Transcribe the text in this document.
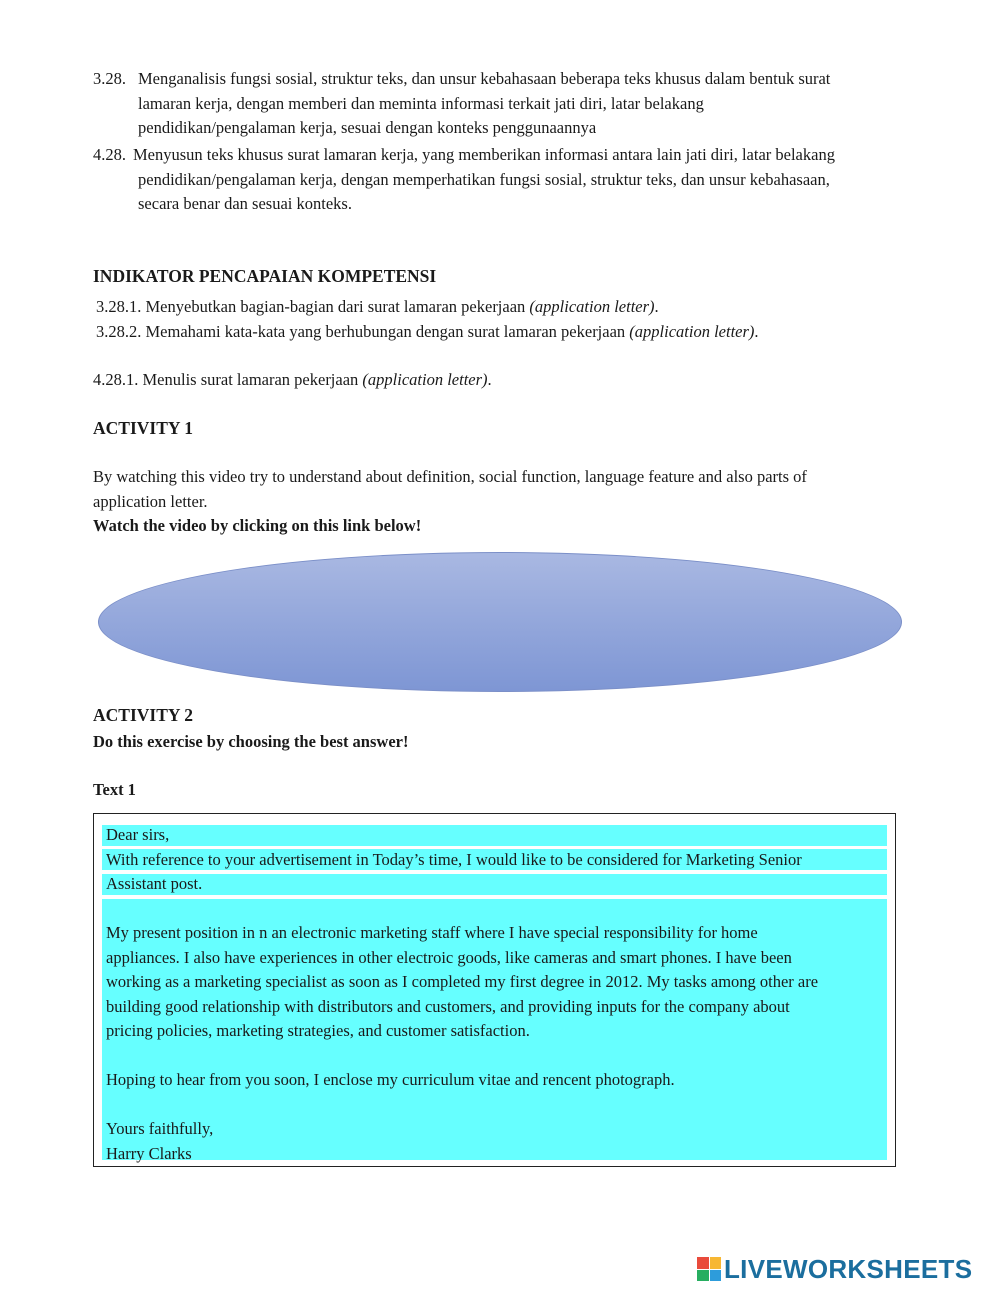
3.28. Menganalisis fungsi sosial, struktur teks, dan unsur kebahasaan beberapa teks khusus dalam bentuk surat
lamaran kerja, dengan memberi dan meminta informasi terkait jati diri, latar belakang
pendidikan/pengalaman kerja, sesuai dengan konteks penggunaannya
4.28. Menyusun teks khusus surat lamaran kerja, yang memberikan informasi antara lain jati diri, latar belakang
pendidikan/pengalaman kerja, dengan memperhatikan fungsi sosial, struktur teks, dan unsur kebahasaan,
secara benar dan sesuai konteks.
INDIKATOR PENCAPAIAN KOMPETENSI
3.28.1. Menyebutkan bagian-bagian dari surat lamaran pekerjaan (application letter).
3.28.2. Memahami kata-kata yang berhubungan dengan surat lamaran pekerjaan (application letter).
4.28.1. Menulis surat lamaran pekerjaan (application letter).
ACTIVITY 1
By watching this video try to understand about definition, social function, language feature and also parts of
application letter.
Watch the video by clicking on this link below!
ACTIVITY 2
Do this exercise by choosing the best answer!
Text 1
Dear sirs,
With reference to your advertisement in Today’s time, I would like to be considered for Marketing Senior
Assistant post.
My present position in n an electronic marketing staff where I have special responsibility for home
appliances. I also have experiences in other electroic goods, like cameras and smart phones. I have been
working as a marketing specialist as soon as I completed my first degree in 2012. My tasks among other are
building good relationship with distributors and customers, and providing inputs for the company about
pricing policies, marketing strategies, and customer satisfaction.
Hoping to hear from you soon, I enclose my curriculum vitae and rencent photograph.
Yours faithfully,
Harry Clarks
LIVEWORKSHEETS
